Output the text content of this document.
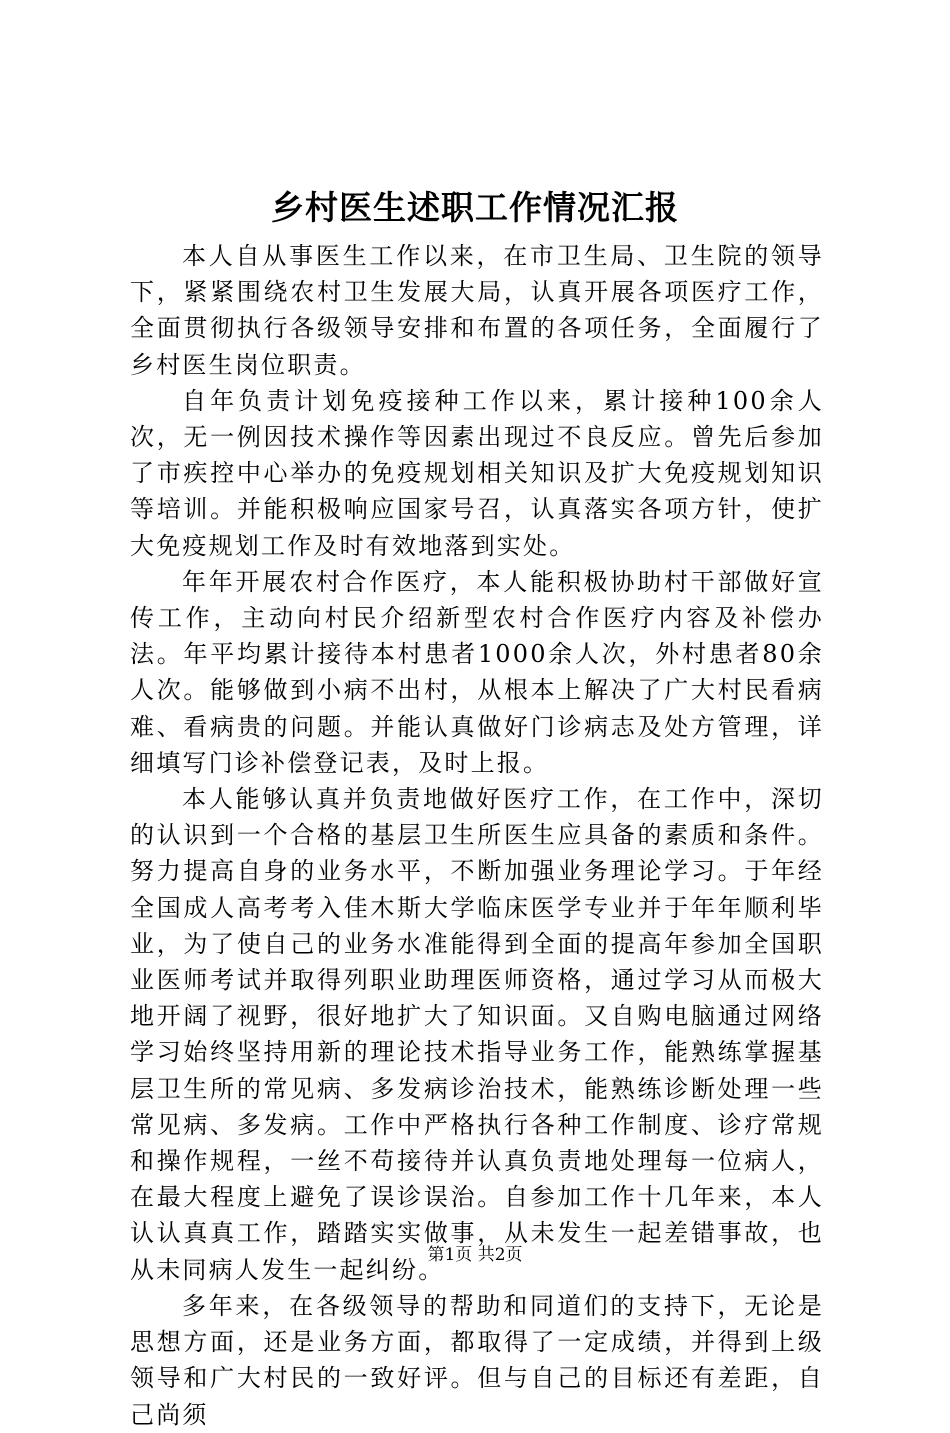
乡村医生述职工作情况汇报

本人自从事医生工作以来，在市卫生局、卫生院的领导下，紧紧围绕农村卫生发展大局，认真开展各项医疗工作，全面贯彻执行各级领导安排和布置的各项任务，全面履行了乡村医生岗位职责。

自年负责计划免疫接种工作以来，累计接种100余人次，无一例因技术操作等因素出现过不良反应。曾先后参加了市疾控中心举办的免疫规划相关知识及扩大免疫规划知识等培训。并能积极响应国家号召，认真落实各项方针，使扩大免疫规划工作及时有效地落到实处。

年年开展农村合作医疗，本人能积极协助村干部做好宣传工作，主动向村民介绍新型农村合作医疗内容及补偿办法。年平均累计接待本村患者1000余人次，外村患者80余人次。能够做到小病不出村，从根本上解决了广大村民看病难、看病贵的问题。并能认真做好门诊病志及处方管理，详细填写门诊补偿登记表，及时上报。

本人能够认真并负责地做好医疗工作，在工作中，深切的认识到一个合格的基层卫生所医生应具备的素质和条件。努力提高自身的业务水平，不断加强业务理论学习。于年经全国成人高考考入佳木斯大学临床医学专业并于年年顺利毕业，为了使自己的业务水准能得到全面的提高年参加全国职业医师考试并取得列职业助理医师资格，通过学习从而极大地开阔了视野，很好地扩大了知识面。又自购电脑通过网络学习始终坚持用新的理论技术指导业务工作，能熟练掌握基层卫生所的常见病、多发病诊治技术，能熟练诊断处理一些常见病、多发病。工作中严格执行各种工作制度、诊疗常规和操作规程，一丝不苟接待并认真负责地处理每一位病人，在最大程度上避免了误诊误治。自参加工作十几年来，本人认认真真工作，踏踏实实做事，从未发生一起差错事故，也从未同病人发生一起纠纷。

多年来，在各级领导的帮助和同道们的支持下，无论是思想方面，还是业务方面，都取得了一定成绩，并得到上级领导和广大村民的一致好评。但与自己的目标还有差距，自己尚须

第1页 共2页
